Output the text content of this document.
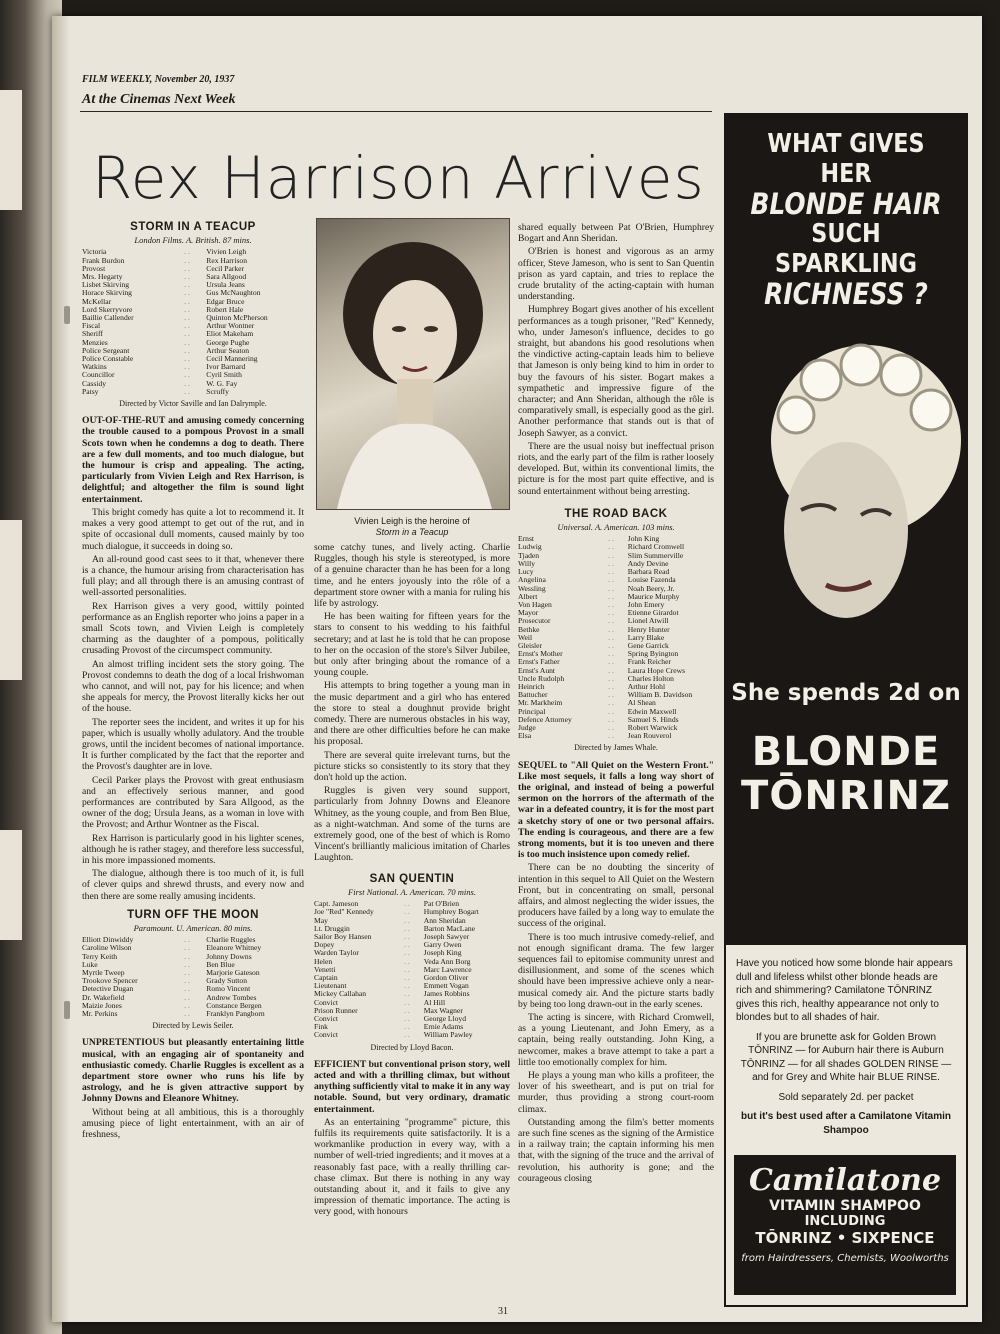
FILM WEEKLY, November 20, 1937
At the Cinemas Next Week
Rex Harrison Arrives
STORM IN A TEACUP
London Films. A. British. 87 mins.
Victoria	. .	Vivien Leigh
Frank Burdon	. .	Rex Harrison
Provost	. .	Cecil Parker
Mrs. Hegarty	. .	Sara Allgood
Lisbet Skirving	. .	Ursula Jeans
Horace Skirving	. .	Gus McNaughton
McKellar	. .	Edgar Bruce
Lord Skerryvore	. .	Robert Hale
Baillie Callender	. .	Quinton McPherson
Fiscal	. .	Arthur Wontner
Sheriff	. .	Eliot Makeham
Menzies	. .	George Pughe
Police Sergeant	. .	Arthur Seaton
Police Constable	. .	Cecil Mannering
Watkins	. .	Ivor Barnard
Councillor	. .	Cyril Smith
Cassidy	. .	W. G. Fay
Patsy	. .	Scruffy
Directed by Victor Saville and Ian Dalrymple.

OUT-OF-THE-RUT and amusing comedy concerning the trouble caused to a pompous Provost in a small Scots town when he condemns a dog to death. There are a few dull moments, and too much dialogue, but the humour is crisp and appealing. The acting, particularly from Vivien Leigh and Rex Harrison, is delightful; and altogether the film is sound light entertainment.

This bright comedy has quite a lot to recommend it. It makes a very good attempt to get out of the rut, and in spite of occasional dull moments, caused mainly by too much dialogue, it succeeds in doing so.

An all-round good cast sees to it that, whenever there is a chance, the humour arising from characterisation has full play; and all through there is an amusing contrast of well-assorted personalities.

Rex Harrison gives a very good, wittily pointed performance as an English reporter who joins a paper in a small Scots town, and Vivien Leigh is completely charming as the daughter of a pompous, politically crusading Provost of the circumspect community.

An almost trifling incident sets the story going. The Provost condemns to death the dog of a local Irishwoman who cannot, and will not, pay for his licence; and when she appeals for mercy, the Provost literally kicks her out of the house.

The reporter sees the incident, and writes it up for his paper, which is usually wholly adulatory. And the trouble grows, until the incident becomes of national importance. It is further complicated by the fact that the reporter and the Provost's daughter are in love.

Cecil Parker plays the Provost with great enthusiasm and an effectively serious manner, and good performances are contributed by Sara Allgood, as the owner of the dog; Ursula Jeans, as a woman in love with the Provost; and Arthur Wontner as the Fiscal.

Rex Harrison is particularly good in his lighter scenes, although he is rather stagey, and therefore less successful, in his more impassioned moments.

The dialogue, although there is too much of it, is full of clever quips and shrewd thrusts, and every now and then there are some really amusing incidents.

TURN OFF THE MOON
Paramount. U. American. 80 mins.
Elliott Dinwiddy	. .	Charlie Ruggles
Caroline Wilson	. .	Eleanore Whitney
Terry Keith	. .	Johnny Downs
Luke	. .	Ben Blue
Myrtle Tweep	. .	Marjorie Gateson
Trookove Spencer	. .	Grady Sutton
Detective Dugan	. .	Romo Vincent
Dr. Wakefield	. .	Andrew Tombes
Maizie Jones	. .	Constance Bergen
Mr. Perkins	. .	Franklyn Pangborn
Directed by Lewis Seiler.

UNPRETENTIOUS but pleasantly entertaining little musical, with an engaging air of spontaneity and enthusiastic comedy. Charlie Ruggles is excellent as a department store owner who runs his life by astrology, and he is given attractive support by Johnny Downs and Eleanore Whitney.

Without being at all ambitious, this is a thoroughly amusing piece of light entertainment, with an air of freshness,

Vivien Leigh is the heroine of
Storm in a Teacup

some catchy tunes, and lively acting. Charlie Ruggles, though his style is stereotyped, is more of a genuine character than he has been for a long time, and he enters joyously into the rôle of a department store owner with a mania for ruling his life by astrology.

He has been waiting for fifteen years for the stars to consent to his wedding to his faithful secretary; and at last he is told that he can propose to her on the occasion of the store's Silver Jubilee, but only after bringing about the romance of a young couple.

His attempts to bring together a young man in the music department and a girl who has entered the store to steal a doughnut provide bright comedy. There are numerous obstacles in his way, and there are other difficulties before he can make his proposal.

There are several quite irrelevant turns, but the picture sticks so consistently to its story that they don't hold up the action.

Ruggles is given very sound support, particularly from Johnny Downs and Eleanore Whitney, as the young couple, and from Ben Blue, as a night-watchman. And some of the turns are extremely good, one of the best of which is Romo Vincent's brilliantly malicious imitation of Charles Laughton.

SAN QUENTIN
First National. A. American. 70 mins.
Capt. Jameson	. .	Pat O'Brien
Joe "Red" Kennedy	. .	Humphrey Bogart
May	. .	Ann Sheridan
Lt. Druggin	. .	Barton MacLane
Sailor Boy Hansen	. .	Joseph Sawyer
Dopey	. .	Garry Owen
Warden Taylor	. .	Joseph King
Helen	. .	Veda Ann Borg
Venetti	. .	Marc Lawrence
Captain	. .	Gordon Oliver
Lieutenant	. .	Emmett Vogan
Mickey Callahan	. .	James Robbins
Convict	. .	Al Hill
Prison Runner	. .	Max Wagner
Convict	. .	George Lloyd
Fink	. .	Ernie Adams
Convict	. .	William Pawley
Directed by Lloyd Bacon.

EFFICIENT but conventional prison story, well acted and with a thrilling climax, but without anything sufficiently vital to make it in any way notable. Sound, but very ordinary, dramatic entertainment.

As an entertaining "programme" picture, this fulfils its requirements quite satisfactorily. It is a workmanlike production in every way, with a number of well-tried ingredients; and it moves at a reasonably fast pace, with a really thrilling car-chase climax. But there is nothing in any way outstanding about it, and it fails to give any impression of thematic importance. The acting is very good, with honours

shared equally between Pat O'Brien, Humphrey Bogart and Ann Sheridan.

O'Brien is honest and vigorous as an army officer, Steve Jameson, who is sent to San Quentin prison as yard captain, and tries to replace the crude brutality of the acting-captain with human understanding.

Humphrey Bogart gives another of his excellent performances as a tough prisoner, "Red" Kennedy, who, under Jameson's influence, decides to go straight, but abandons his good resolutions when the vindictive acting-captain leads him to believe that Jameson is only being kind to him in order to buy the favours of his sister. Bogart makes a sympathetic and impressive figure of the character; and Ann Sheridan, although the rôle is comparatively small, is especially good as the girl. Another performance that stands out is that of Joseph Sawyer, as a convict.

There are the usual noisy but ineffectual prison riots, and the early part of the film is rather loosely developed. But, within its conventional limits, the picture is for the most part quite effective, and is sound entertainment without being arresting.

THE ROAD BACK
Universal. A. American. 103 mins.
Ernst	. .	John King
Ludwig	. .	Richard Cromwell
Tjaden	. .	Slim Summerville
Willy	. .	Andy Devine
Lucy	. .	Barbara Read
Angelina	. .	Louise Fazenda
Wessling	. .	Noah Beery, Jr.
Albert	. .	Maurice Murphy
Von Hagen	. .	John Emery
Mayor	. .	Etienne Girardot
Prosecutor	. .	Lionel Atwill
Bethke	. .	Henry Hunter
Weil	. .	Larry Blake
Gleisler	. .	Gene Garrick
Ernst's Mother	. .	Spring Byington
Ernst's Father	. .	Frank Reicher
Ernst's Aunt	. .	Laura Hope Crews
Uncle Rudolph	. .	Charles Holton
Heinrich	. .	Arthur Hohl
Battucher	. .	William B. Davidson
Mr. Markheim	. .	Al Shean
Principal	. .	Edwin Maxwell
Defence Attorney	. .	Samuel S. Hinds
Judge	. .	Robert Warwick
Elsa	. .	Jean Rouverol
Directed by James Whale.

SEQUEL to "All Quiet on the Western Front." Like most sequels, it falls a long way short of the original, and instead of being a powerful sermon on the horrors of the aftermath of the war in a defeated country, it is for the most part a sketchy story of one or two personal affairs. The ending is courageous, and there are a few strong moments, but it is too uneven and there is too much insistence upon comedy relief.

There can be no doubting the sincerity of intention in this sequel to All Quiet on the Western Front, but in concentrating on small, personal affairs, and almost neglecting the wider issues, the producers have failed by a long way to emulate the success of the original.

There is too much intrusive comedy-relief, and not enough significant drama. The few larger sequences fail to epitomise community unrest and disillusionment, and some of the scenes which should have been impressive achieve only a near-musical comedy air. And the picture starts badly by being too long drawn-out in the early scenes.

The acting is sincere, with Richard Cromwell, as a young Lieutenant, and John Emery, as a captain, being really outstanding. John King, a newcomer, makes a brave attempt to take a part a little too emotionally complex for him.

He plays a young man who kills a profiteer, the lover of his sweetheart, and is put on trial for murder, thus providing a strong court-room climax.

Outstanding among the film's better moments are such fine scenes as the signing of the Armistice in a railway train; the captain informing his men that, with the signing of the truce and the arrival of revolution, his authority is gone; and the courageous closing

WHAT GIVES HER
BLONDE HAIR
SUCH SPARKLING
RICHNESS ?
She spends 2d on
BLONDE
TŌNRINZ

Have you noticed how some blonde hair appears dull and lifeless whilst other blonde heads are rich and shimmering? Camilatone TŌNRINZ gives this rich, healthy appearance not only to blondes but to all shades of hair.

If you are brunette ask for Golden Brown TŌNRINZ — for Auburn hair there is Auburn TŌNRINZ — for all shades GOLDEN RINSE — and for Grey and White hair BLUE RINSE.

Sold separately 2d. per packet

but it's best used after a Camilatone Vitamin Shampoo

Camilatone
VITAMIN SHAMPOO
INCLUDING
TŌNRINZ • SIXPENCE
from Hairdressers, Chemists, Woolworths
31
